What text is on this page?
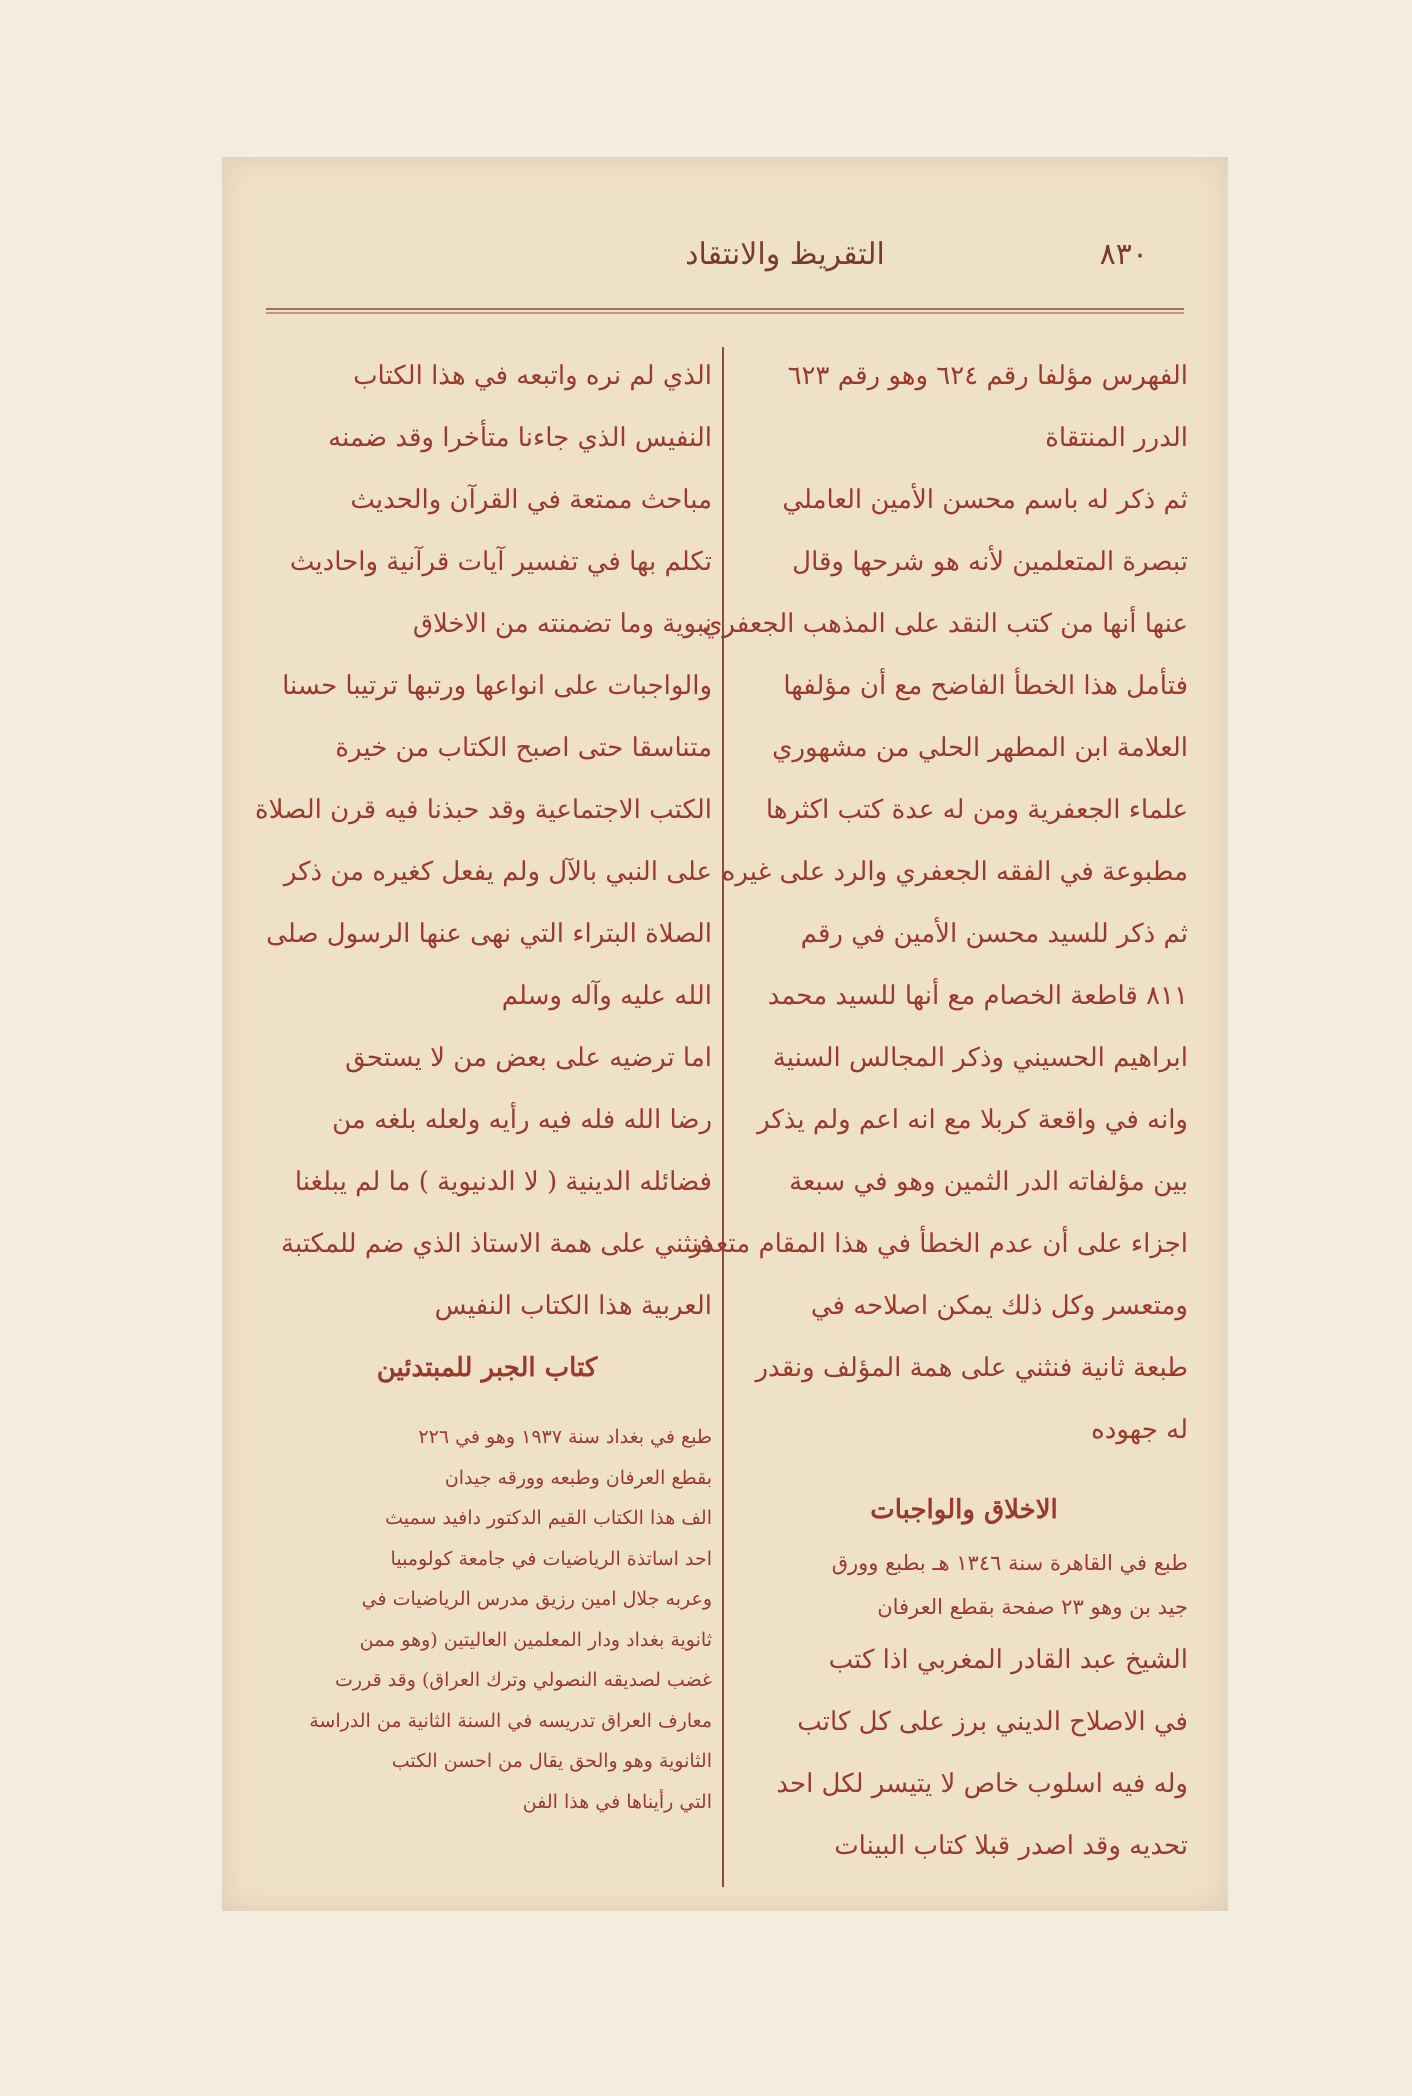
التقريظ والانتقاد	٨٣٠
الفهرس مؤلفا رقم ٦٢٤ وهو رقم ٦٢٣
الدرر المنتقاة
ثم ذكر له باسم محسن الأمين العاملي
تبصرة المتعلمين لأنه هو شرحها وقال
عنها أنها من كتب النقد على المذهب الجعفري
فتأمل هذا الخطأ الفاضح مع أن مؤلفها
العلامة ابن المطهر الحلي من مشهوري
علماء الجعفرية ومن له عدة كتب اكثرها
مطبوعة في الفقه الجعفري والرد على غيره
ثم ذكر للسيد محسن الأمين في رقم
٨١١ قاطعة الخصام مع أنها للسيد محمد
ابراهيم الحسيني وذكر المجالس السنية
وانه في واقعة كربلا مع انه اعم ولم يذكر
بين مؤلفاته الدر الثمين وهو في سبعة
اجزاء على أن عدم الخطأ في هذا المقام متعذر
ومتعسر وكل ذلك يمكن اصلاحه في
طبعة ثانية فنثني على همة المؤلف ونقدر
له جهوده
الاخلاق والواجبات
طبع في القاهرة سنة ١٣٤٦ هـ بطبع وورق
جيد بن وهو ٢٣ صفحة بقطع العرفان
الشيخ عبد القادر المغربي اذا كتب
في الاصلاح الديني برز على كل كاتب
وله فيه اسلوب خاص لا يتيسر لكل احد
تحديه وقد اصدر قبلا كتاب البينات
الذي لم نره واتبعه في هذا الكتاب
النفيس الذي جاءنا متأخرا وقد ضمنه
مباحث ممتعة في القرآن والحديث
تكلم بها في تفسير آيات قرآنية واحاديث
نبوية وما تضمنته من الاخلاق
والواجبات على انواعها ورتبها ترتيبا حسنا
متناسقا حتى اصبح الكتاب من خيرة
الكتب الاجتماعية وقد حبذنا فيه قرن الصلاة
على النبي بالآل ولم يفعل كغيره من ذكر
الصلاة البتراء التي نهى عنها الرسول صلى
الله عليه وآله وسلم
اما ترضيه على بعض من لا يستحق
رضا الله فله فيه رأيه ولعله بلغه من
فضائله الدينية ( لا الدنيوية ) ما لم يبلغنا
فنثني على همة الاستاذ الذي ضم للمكتبة
العربية هذا الكتاب النفيس
كتاب الجبر للمبتدئين
طبع في بغداد سنة ١٩٣٧ وهو في ٢٢٦
بقطع العرفان وطبعه وورقه جيدان
الف هذا الكتاب القيم الدكتور دافيد سميث
احد اساتذة الرياضيات في جامعة كولومبيا
وعربه جلال امين رزيق مدرس الرياضيات في
ثانوية بغداد ودار المعلمين العاليتين (وهو ممن
غضب لصديقه النصولي وترك العراق) وقد قررت
معارف العراق تدريسه في السنة الثانية من الدراسة
الثانوية وهو والحق يقال من احسن الكتب
التي رأيناها في هذا الفن
